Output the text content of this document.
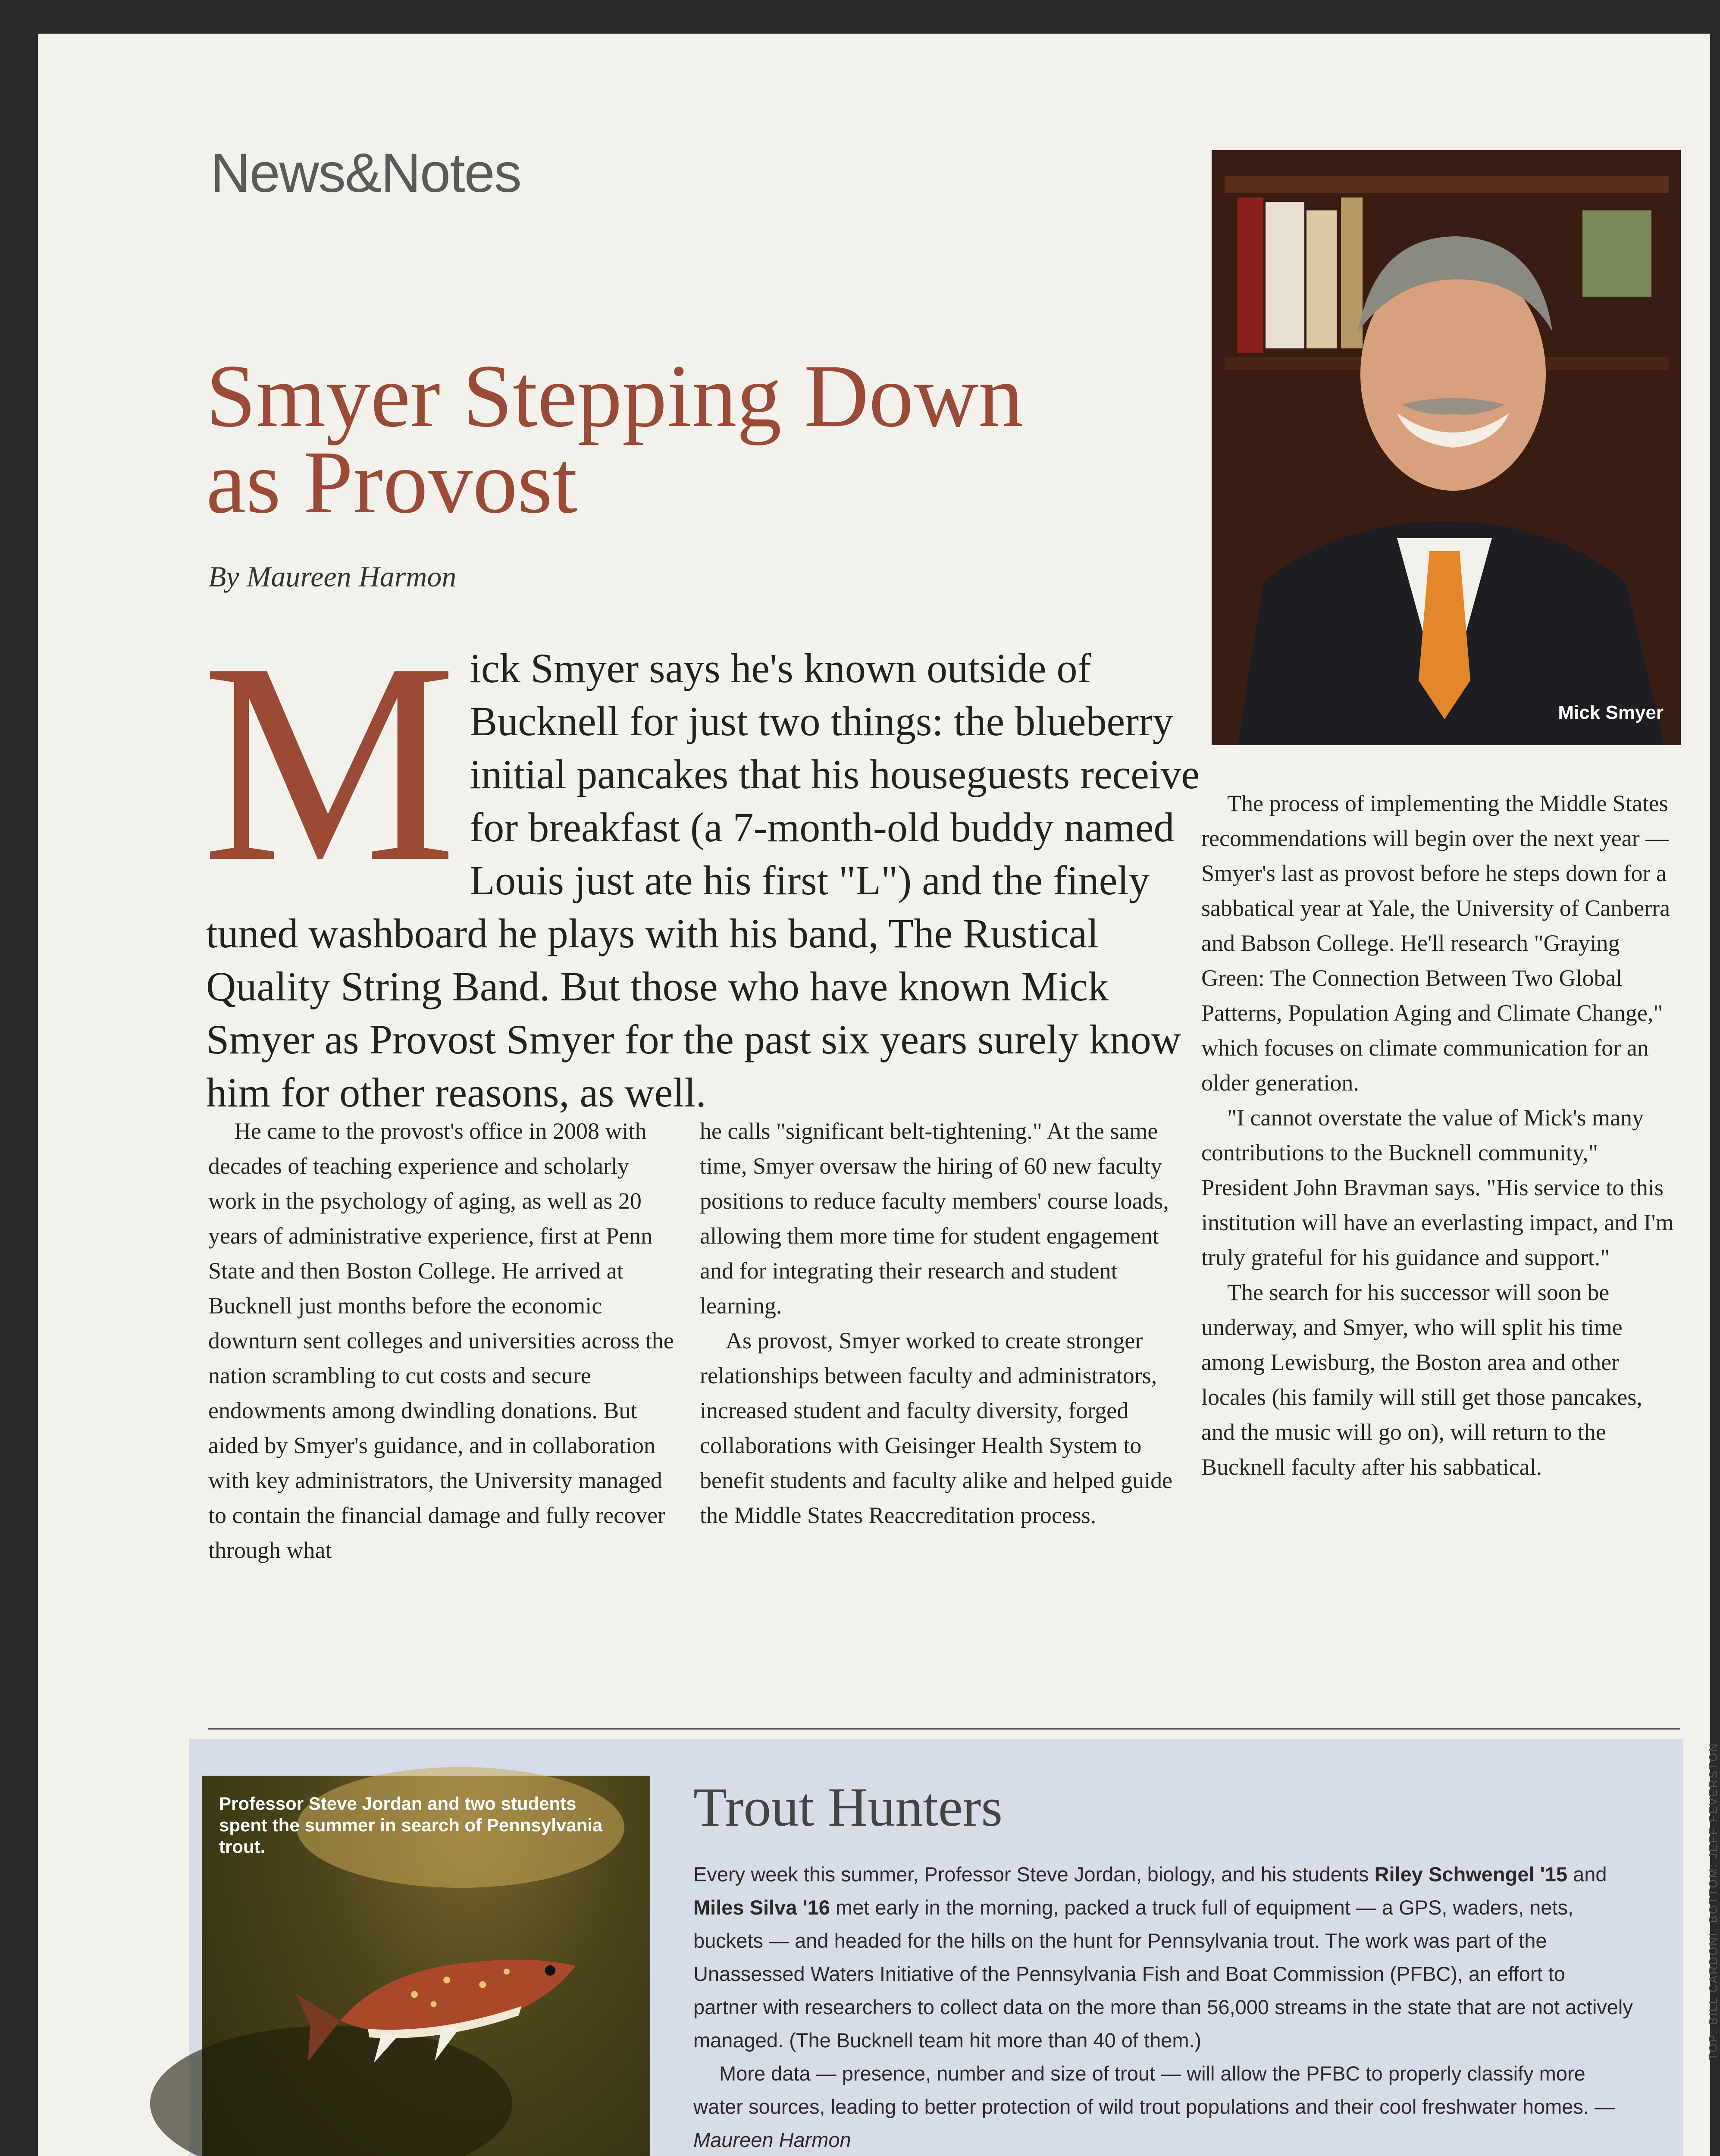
News&Notes
Smyer Stepping Down
as Provost
By Maureen Harmon

Mick Smyer says he's known outside of Bucknell for just two things: the blueberry initial pancakes that his houseguests receive for breakfast (a 7-month-old buddy named Louis just ate his first "L") and the finely tuned washboard he plays with his band, The Rustical Quality String Band. But those who have known Mick Smyer as Provost Smyer for the past six years surely know him for other reasons, as well.

He came to the provost's office in 2008 with decades of teaching experience and scholarly work in the psychology of aging, as well as 20 years of administrative experience, first at Penn State and then Boston College. He arrived at Bucknell just months before the economic downturn sent colleges and universities across the nation scrambling to cut costs and secure endowments among dwindling donations. But aided by Smyer's guidance, and in collaboration with key administrators, the University managed to contain the financial damage and fully recover through what

he calls "significant belt-tightening." At the same time, Smyer oversaw the hiring of 60 new faculty positions to reduce faculty members' course loads, allowing them more time for student engagement and for integrating their research and student learning.

As provost, Smyer worked to create stronger relationships between faculty and administrators, increased student and faculty diversity, forged collaborations with Geisinger Health System to benefit students and faculty alike and helped guide the Middle States Reaccreditation process.

The process of implementing the Middle States recommendations will begin over the next year — Smyer's last as provost before he steps down for a sabbatical year at Yale, the University of Canberra and Babson College. He'll research "Graying Green: The Connection Between Two Global Patterns, Population Aging and Climate Change," which focuses on climate communication for an older generation.

"I cannot overstate the value of Mick's many contributions to the Bucknell community," President John Bravman says. "His service to this institution will have an everlasting impact, and I'm truly grateful for his guidance and support."

The search for his successor will soon be underway, and Smyer, who will split his time among Lewisburg, the Boston area and other locales (his family will still get those pancakes, and the music will go on), will return to the Bucknell faculty after his sabbatical.

Mick Smyer
Professor Steve Jordan and two students spent the summer in search of Pennsylvania trout.
Trout Hunters

Every week this summer, Professor Steve Jordan, biology, and his students Riley Schwengel '15 and Miles Silva '16 met early in the morning, packed a truck full of equipment — a GPS, waders, nets, buckets — and headed for the hills on the hunt for Pennsylvania trout. The work was part of the Unassessed Waters Initiative of the Pennsylvania Fish and Boat Commission (PFBC), an effort to partner with researchers to collect data on the more than 56,000 streams in the state that are not actively managed. (The Bucknell team hit more than 40 of them.)

More data — presence, number and size of trout — will allow the PFBC to properly classify more water sources, leading to better protection of wild trout populations and their cool freshwater homes. — Maureen Harmon

TOP: BILL CARDONI; BOTTOM: JEFF FEVERSTON
